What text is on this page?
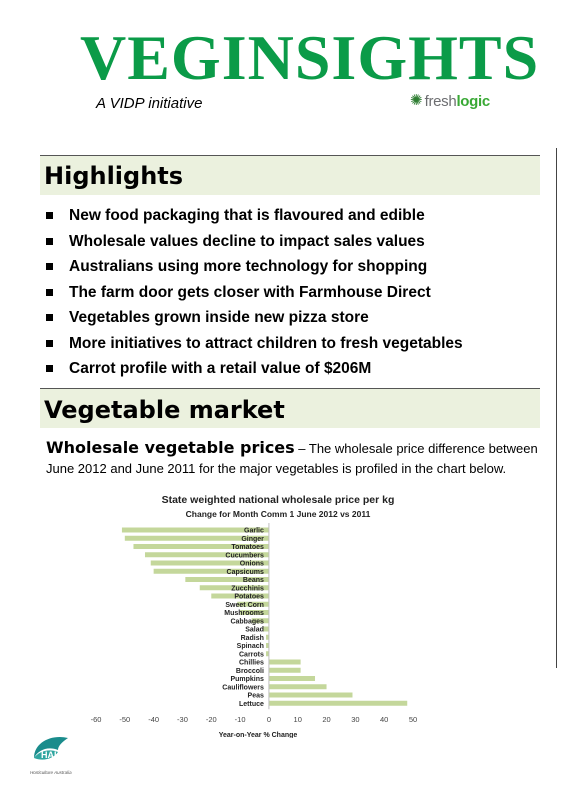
VEGINSIGHTS

A VIDP initiative	✺ freshlogic
Highlights
New food packaging that is flavoured and edible
Wholesale values decline to impact sales values
Australians using more technology for shopping
The farm door gets closer with Farmhouse Direct
Vegetables grown inside new pizza store
More initiatives to attract children to fresh vegetables
Carrot profile with a retail value of $206M
Vegetable market

Wholesale vegetable prices – The wholesale price difference between June 2012 and June 2011 for the major vegetables is profiled in the chart below.

State weighted national wholesale price per kg
Change for Month Comm 1 June 2012 vs 2011
Garlic
Ginger
Tomatoes
Cucumbers
Onions
Capsicums
Beans
Zucchinis
Potatoes
Sweet Corn
Mushrooms
Cabbages
Salad
Radish
Spinach
Carrots
Chillies
Broccoli
Pumpkins
Cauliflowers
Peas
Lettuce
-60 -50 -40 -30 -20 -10	0	10	20	30	40	50
Year-on-Year % Change
HAL
Horticulture Australia
